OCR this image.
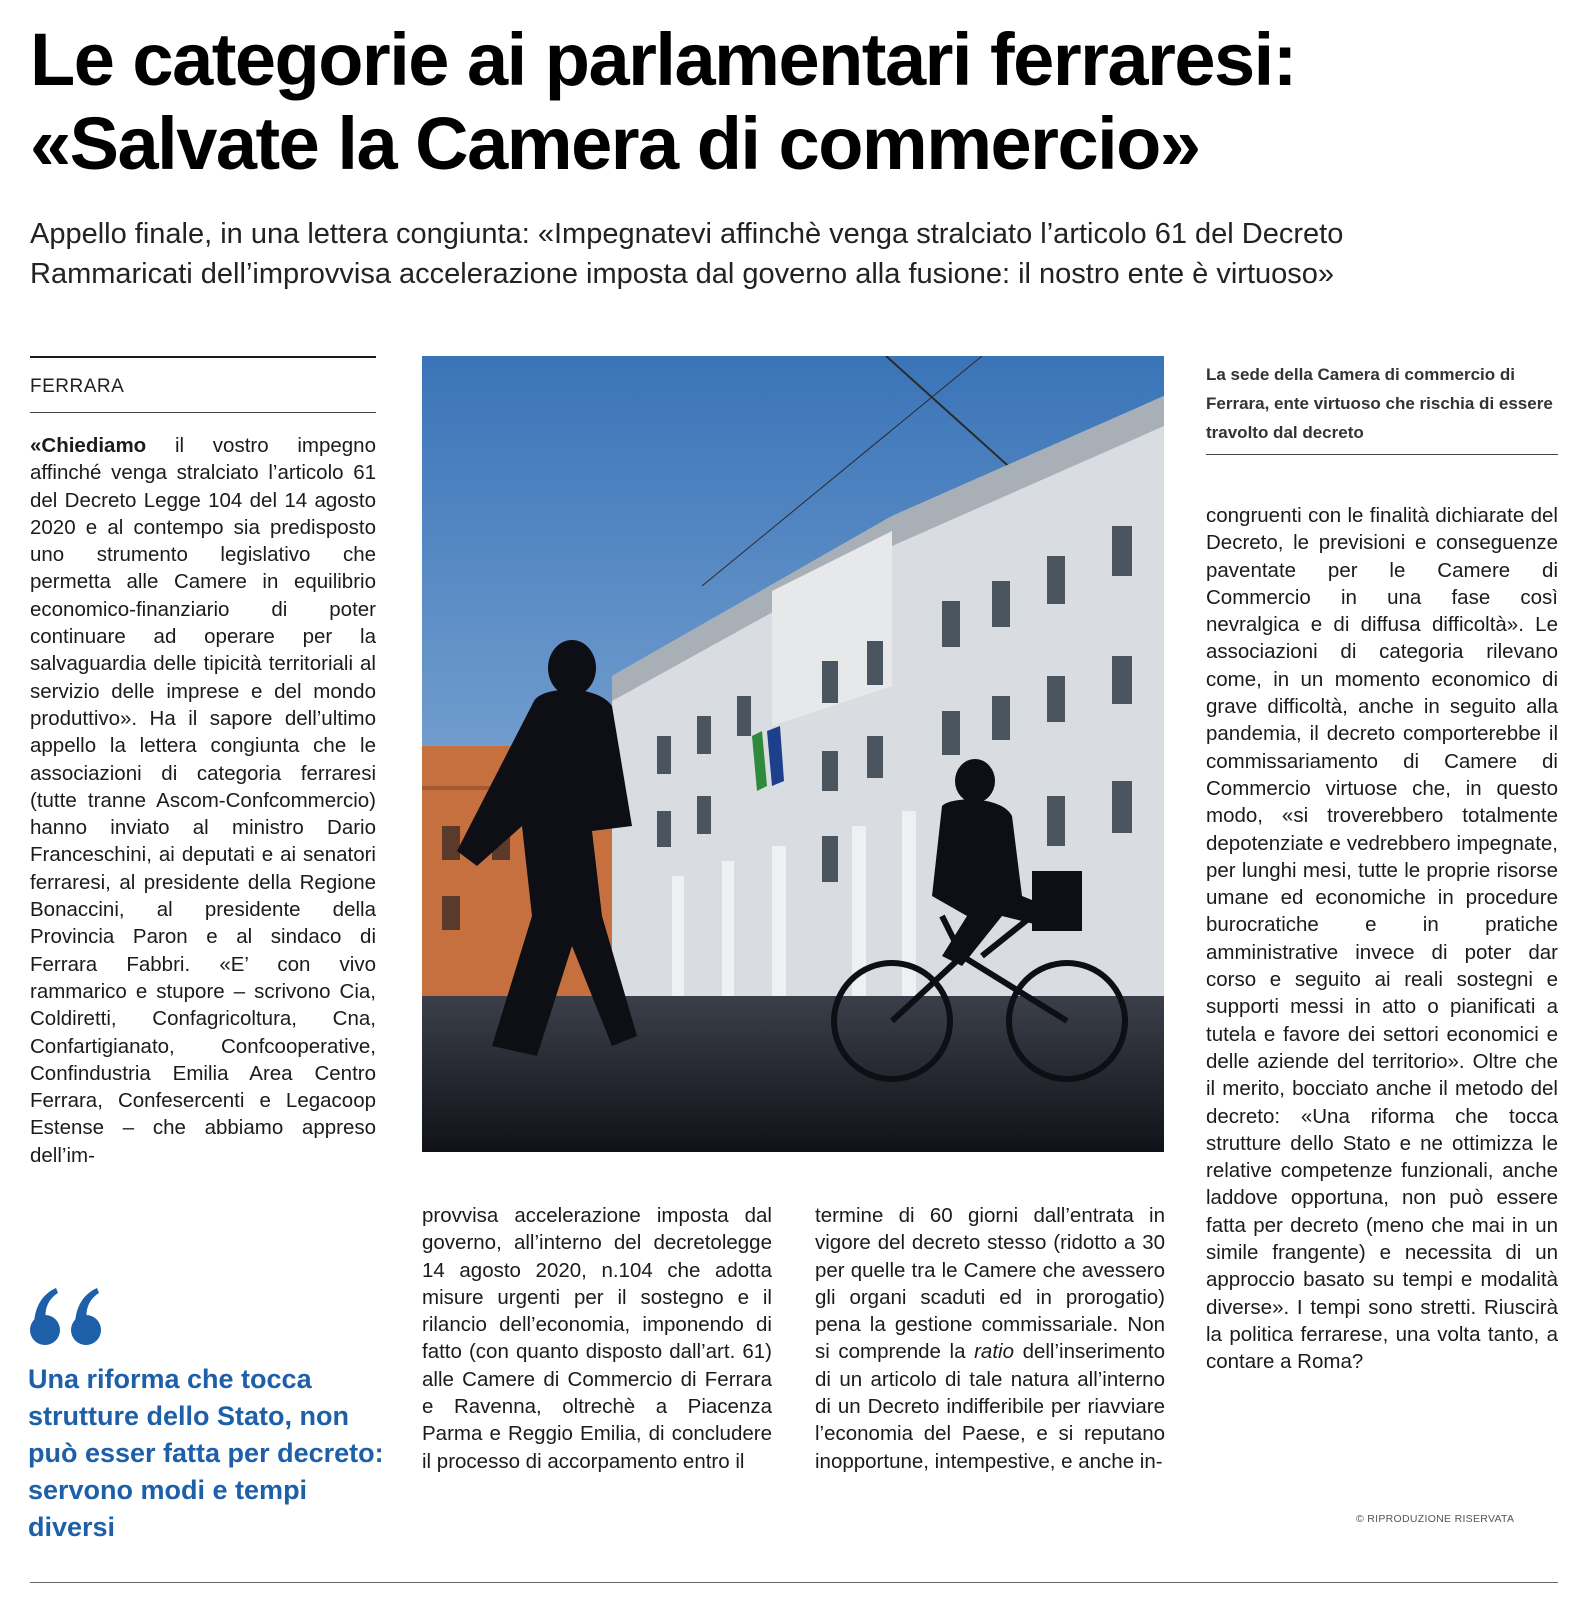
Le categorie ai parlamentari ferraresi:
«Salvate la Camera di commercio»
Appello finale, in una lettera congiunta: «Impegnatevi affinchè venga stralciato l’articolo 61 del Decreto
Rammaricati dell’improvvisa accelerazione imposta dal governo alla fusione: il nostro ente è virtuoso»
FERRARA

«Chiediamo il vostro impegno affinché venga stralciato l’articolo 61 del Decreto Legge 104 del 14 agosto 2020 e al contempo sia predisposto uno strumento legislativo che permetta alle Camere in equilibrio economico-finanziario di poter continuare ad operare per la salvaguardia delle tipicità territoriali al servizio delle imprese e del mondo produttivo». Ha il sapore dell’ultimo appello la lettera congiunta che le associazioni di categoria ferraresi (tutte tranne Ascom-Confcommercio) hanno inviato al ministro Dario Franceschini, ai deputati e ai senatori ferraresi, al presidente della Regione Bonaccini, al presidente della Provincia Paron e al sindaco di Ferrara Fabbri. «E’ con vivo rammarico e stupore – scrivono Cia, Coldiretti, Confagricoltura, Cna, Confartigianato, Confcooperative, Confindustria Emilia Area Centro Ferrara, Confesercenti e Legacoop Estense – che abbiamo appreso dell’im-

Una riforma che tocca strutture dello Stato, non può esser fatta per decreto: servono modi e tempi diversi
La sede della Camera di commercio di Ferrara, ente virtuoso che rischia di essere travolto dal decreto

provvisa accelerazione imposta dal governo, all’interno del decretolegge 14 agosto 2020, n.104 che adotta misure urgenti per il sostegno e il rilancio dell’economia, imponendo di fatto (con quanto disposto dall’art. 61) alle Camere di Commercio di Ferrara e Ravenna, oltrechè a Piacenza Parma e Reggio Emilia, di concludere il processo di accorpamento entro il

termine di 60 giorni dall’entrata in vigore del decreto stesso (ridotto a 30 per quelle tra le Camere che avessero gli organi scaduti ed in prorogatio) pena la gestione commissariale. Non si comprende la ratio dell’inserimento di un articolo di tale natura all’interno di un Decreto indifferibile per riavviare l’economia del Paese, e si reputano inopportune, intempestive, e anche in-

congruenti con le finalità dichiarate del Decreto, le previsioni e conseguenze paventate per le Camere di Commercio in una fase così nevralgica e di diffusa difficoltà». Le associazioni di categoria rilevano come, in un momento economico di grave difficoltà, anche in seguito alla pandemia, il decreto comporterebbe il commissariamento di Camere di Commercio virtuose che, in questo modo, «si troverebbero totalmente depotenziate e vedrebbero impegnate, per lunghi mesi, tutte le proprie risorse umane ed economiche in procedure burocratiche e in pratiche amministrative invece di poter dar corso e seguito ai reali sostegni e supporti messi in atto o pianificati a tutela e favore dei settori economici e delle aziende del territorio». Oltre che il merito, bocciato anche il metodo del decreto: «Una riforma che tocca strutture dello Stato e ne ottimizza le relative competenze funzionali, anche laddove opportuna, non può essere fatta per decreto (meno che mai in un simile frangente) e necessita di un approccio basato su tempi e modalità diverse». I tempi sono stretti. Riuscirà la politica ferrarese, una volta tanto, a contare a Roma?

© RIPRODUZIONE RISERVATA
